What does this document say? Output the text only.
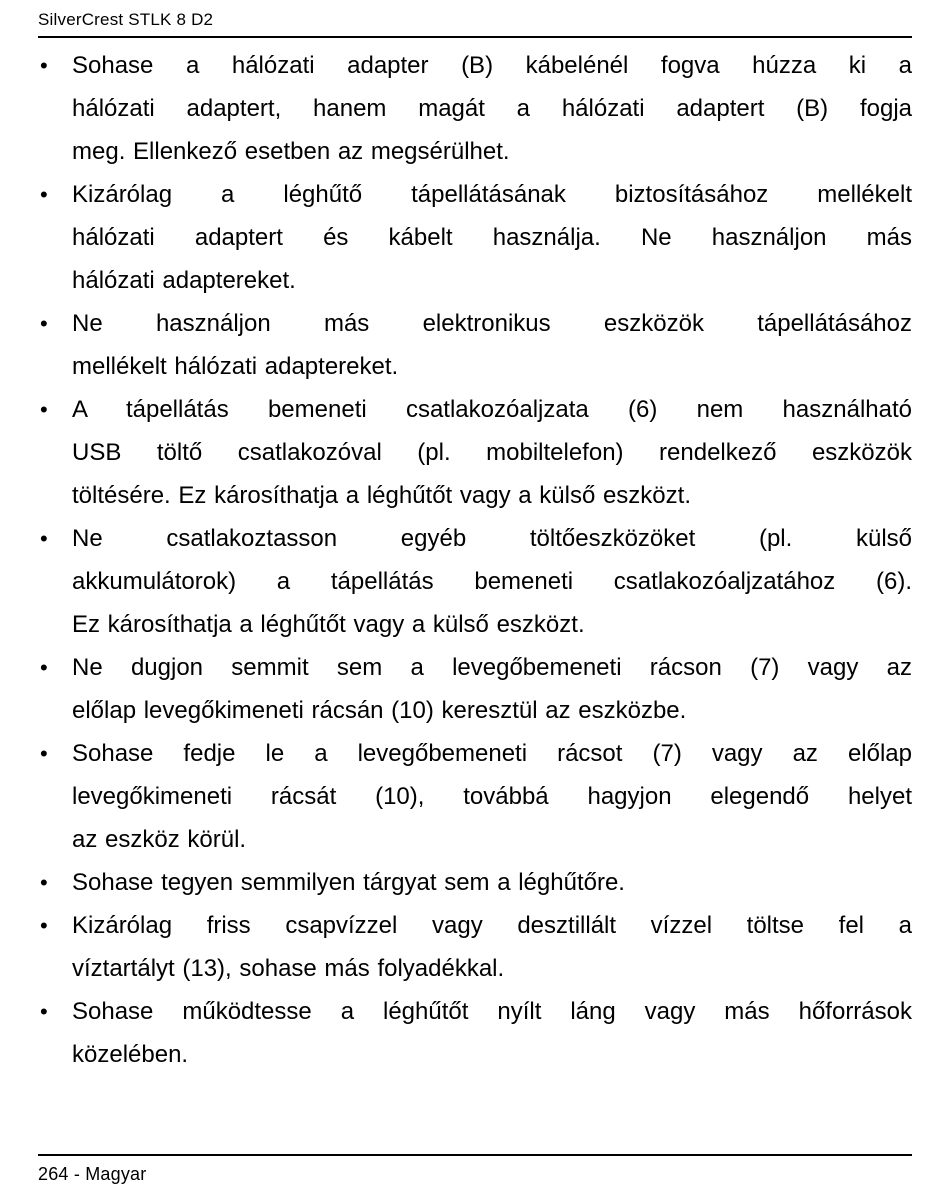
SilverCrest STLK 8 D2
•	Sohase a hálózati adapter (B) kábelénél fogva húzza ki a
hálózati adaptert, hanem magát a hálózati adaptert (B) fogja
meg. Ellenkező esetben az megsérülhet.
•	Kizárólag a léghűtő tápellátásának biztosításához mellékelt
hálózati adaptert és kábelt használja. Ne használjon más
hálózati adaptereket.
•	Ne használjon más elektronikus eszközök tápellátásához
mellékelt hálózati adaptereket.
•	A tápellátás bemeneti csatlakozóaljzata (6) nem használható
USB töltő csatlakozóval (pl. mobiltelefon) rendelkező eszközök
töltésére. Ez károsíthatja a léghűtőt vagy a külső eszközt.
•	Ne csatlakoztasson egyéb töltőeszközöket (pl. külső
akkumulátorok) a tápellátás bemeneti csatlakozóaljzatához (6).
Ez károsíthatja a léghűtőt vagy a külső eszközt.
•	Ne dugjon semmit sem a levegőbemeneti rácson (7) vagy az
előlap levegőkimeneti rácsán (10) keresztül az eszközbe.
•	Sohase fedje le a levegőbemeneti rácsot (7) vagy az előlap
levegőkimeneti rácsát (10), továbbá hagyjon elegendő helyet
az eszköz körül.
•	Sohase tegyen semmilyen tárgyat sem a léghűtőre.
•	Kizárólag friss csapvízzel vagy desztillált vízzel töltse fel a
víztartályt (13), sohase más folyadékkal.
•	Sohase működtesse a léghűtőt nyílt láng vagy más hőforrások
közelében.
264 - Magyar
